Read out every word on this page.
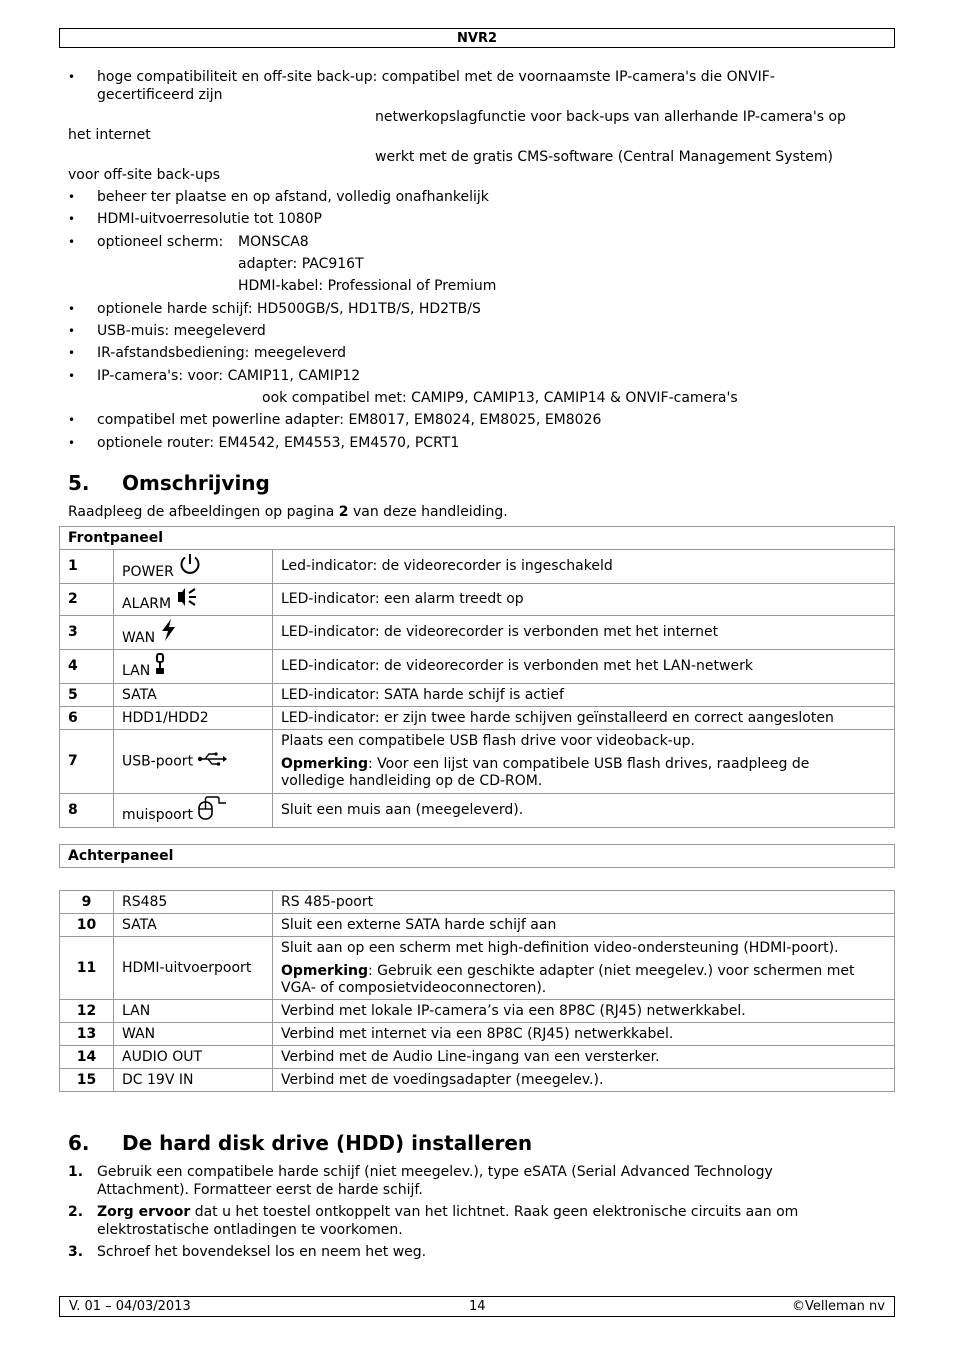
NVR2
• hoge compatibiliteit en off-site back-up: compatibel met de voornaamste IP-camera's die ONVIF-
gecertificeerd zijn
netwerkopslagfunctie voor back-ups van allerhande IP-camera's op
het internet
werkt met de gratis CMS-software (Central Management System)
voor off-site back-ups
• beheer ter plaatse en op afstand, volledig onafhankelijk
• HDMI-uitvoerresolutie tot 1080P
• optioneel scherm: MONSCA8
adapter: PAC916T
HDMI-kabel: Professional of Premium
• optionele harde schijf: HD500GB/S, HD1TB/S, HD2TB/S
• USB-muis: meegeleverd
• IR-afstandsbediening: meegeleverd
• IP-camera's: voor: CAMIP11, CAMIP12
ook compatibel met: CAMIP9, CAMIP13, CAMIP14 & ONVIF-camera's
• compatibel met powerline adapter: EM8017, EM8024, EM8025, EM8026
• optionele router: EM4542, EM4553, EM4570, PCRT1
5. Omschrijving
Raadpleeg de afbeeldingen op pagina 2 van deze handleiding.
Frontpaneel		
1	POWER	Led-indicator: de videorecorder is ingeschakeld
2	ALARM	LED-indicator: een alarm treedt op
3	WAN	LED-indicator: de videorecorder is verbonden met het internet
4	LAN	LED-indicator: de videorecorder is verbonden met het LAN-netwerk
5	SATA	LED-indicator: SATA harde schijf is actief
6	HDD1/HDD2	LED-indicator: er zijn twee harde schijven geïnstalleerd en correct aangesloten
7	USB-poort	Plaats een compatibele USB flash drive voor videoback-up.

Opmerking: Voor een lijst van compatibele USB flash drives, raadpleeg de
volledige handleiding op de CD-ROM.

8	muispoort	Sluit een muis aan (meegeleverd).
Achterpaneel
9	RS485	RS 485-poort
10	SATA	Sluit een externe SATA harde schijf aan
11	HDMI-uitvoerpoort	Sluit aan op een scherm met high-definition video-ondersteuning (HDMI-poort).

Opmerking: Gebruik een geschikte adapter (niet meegelev.) voor schermen met
VGA- of composietvideoconnectoren).

12	LAN	Verbind met lokale IP-camera’s via een 8P8C (RJ45) netwerkkabel.
13	WAN	Verbind met internet via een 8P8C (RJ45) netwerkkabel.
14	AUDIO OUT	Verbind met de Audio Line-ingang van een versterker.
15	DC 19V IN	Verbind met de voedingsadapter (meegelev.).
6. De hard disk drive (HDD) installeren
1. Gebruik een compatibele harde schijf (niet meegelev.), type eSATA (Serial Advanced Technology
Attachment). Formatteer eerst de harde schijf.
2. Zorg ervoor dat u het toestel ontkoppelt van het lichtnet. Raak geen elektronische circuits aan om
elektrostatische ontladingen te voorkomen.
3. Schroef het bovendeksel los en neem het weg.
V. 01 – 04/03/2013	14	©Velleman nv
